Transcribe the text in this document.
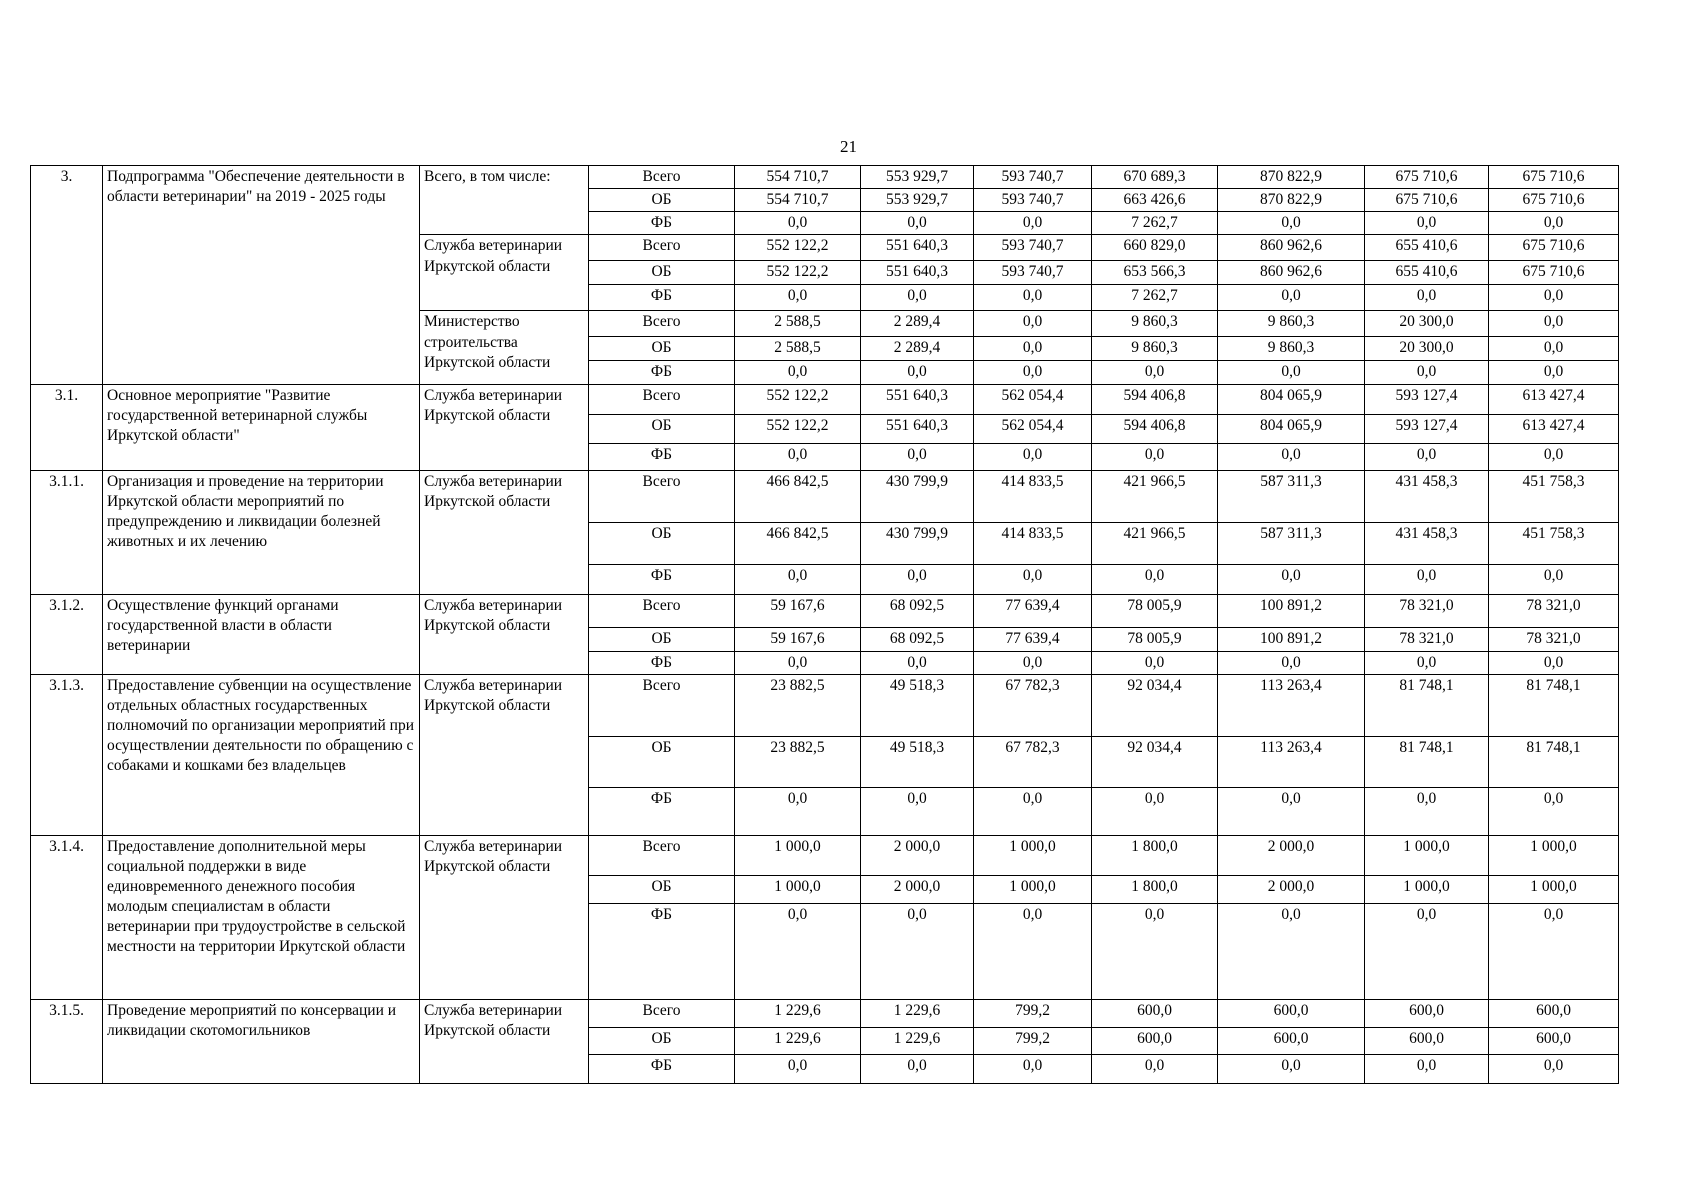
21
3.	Подпрограмма "Обеспечение деятельности в области ветеринарии" на 2019 - 2025 годы	Всего, в том числе:	Всего	554 710,7	553 929,7	593 740,7	670 689,3	870 822,9	675 710,6	675 710,6
			ОБ	554 710,7	553 929,7	593 740,7	663 426,6	870 822,9	675 710,6	675 710,6
			ФБ	0,0	0,0	0,0	7 262,7	0,0	0,0	0,0
		Служба ветеринарии Иркутской области	Всего	552 122,2	551 640,3	593 740,7	660 829,0	860 962,6	655 410,6	675 710,6
			ОБ	552 122,2	551 640,3	593 740,7	653 566,3	860 962,6	655 410,6	675 710,6
			ФБ	0,0	0,0	0,0	7 262,7	0,0	0,0	0,0
		Министерство строительства Иркутской области	Всего	2 588,5	2 289,4	0,0	9 860,3	9 860,3	20 300,0	0,0
			ОБ	2 588,5	2 289,4	0,0	9 860,3	9 860,3	20 300,0	0,0
			ФБ	0,0	0,0	0,0	0,0	0,0	0,0	0,0
3.1.	Основное мероприятие "Развитие государственной ветеринарной службы Иркутской области"	Служба ветеринарии Иркутской области	Всего	552 122,2	551 640,3	562 054,4	594 406,8	804 065,9	593 127,4	613 427,4
			ОБ	552 122,2	551 640,3	562 054,4	594 406,8	804 065,9	593 127,4	613 427,4
			ФБ	0,0	0,0	0,0	0,0	0,0	0,0	0,0
3.1.1.	Организация и проведение на территории Иркутской области мероприятий по предупреждению и ликвидации болезней животных и их лечению	Служба ветеринарии Иркутской области	Всего	466 842,5	430 799,9	414 833,5	421 966,5	587 311,3	431 458,3	451 758,3
			ОБ	466 842,5	430 799,9	414 833,5	421 966,5	587 311,3	431 458,3	451 758,3
			ФБ	0,0	0,0	0,0	0,0	0,0	0,0	0,0
3.1.2.	Осуществление функций органами государственной власти в области ветеринарии	Служба ветеринарии Иркутской области	Всего	59 167,6	68 092,5	77 639,4	78 005,9	100 891,2	78 321,0	78 321,0
			ОБ	59 167,6	68 092,5	77 639,4	78 005,9	100 891,2	78 321,0	78 321,0
			ФБ	0,0	0,0	0,0	0,0	0,0	0,0	0,0
3.1.3.	Предоставление субвенции на осуществление отдельных областных государственных полномочий по организации мероприятий при осуществлении деятельности по обращению с собаками и кошками без владельцев	Служба ветеринарии Иркутской области	Всего	23 882,5	49 518,3	67 782,3	92 034,4	113 263,4	81 748,1	81 748,1
			ОБ	23 882,5	49 518,3	67 782,3	92 034,4	113 263,4	81 748,1	81 748,1
			ФБ	0,0	0,0	0,0	0,0	0,0	0,0	0,0
3.1.4.	Предоставление дополнительной меры социальной поддержки в виде единовременного денежного пособия молодым специалистам в области ветеринарии при трудоустройстве в сельской местности на территории Иркутской области	Служба ветеринарии Иркутской области	Всего	1 000,0	2 000,0	1 000,0	1 800,0	2 000,0	1 000,0	1 000,0
			ОБ	1 000,0	2 000,0	1 000,0	1 800,0	2 000,0	1 000,0	1 000,0
			ФБ	0,0	0,0	0,0	0,0	0,0	0,0	0,0
3.1.5.	Проведение мероприятий по консервации и ликвидации скотомогильников	Служба ветеринарии Иркутской области	Всего	1 229,6	1 229,6	799,2	600,0	600,0	600,0	600,0
			ОБ	1 229,6	1 229,6	799,2	600,0	600,0	600,0	600,0
			ФБ	0,0	0,0	0,0	0,0	0,0	0,0	0,0
